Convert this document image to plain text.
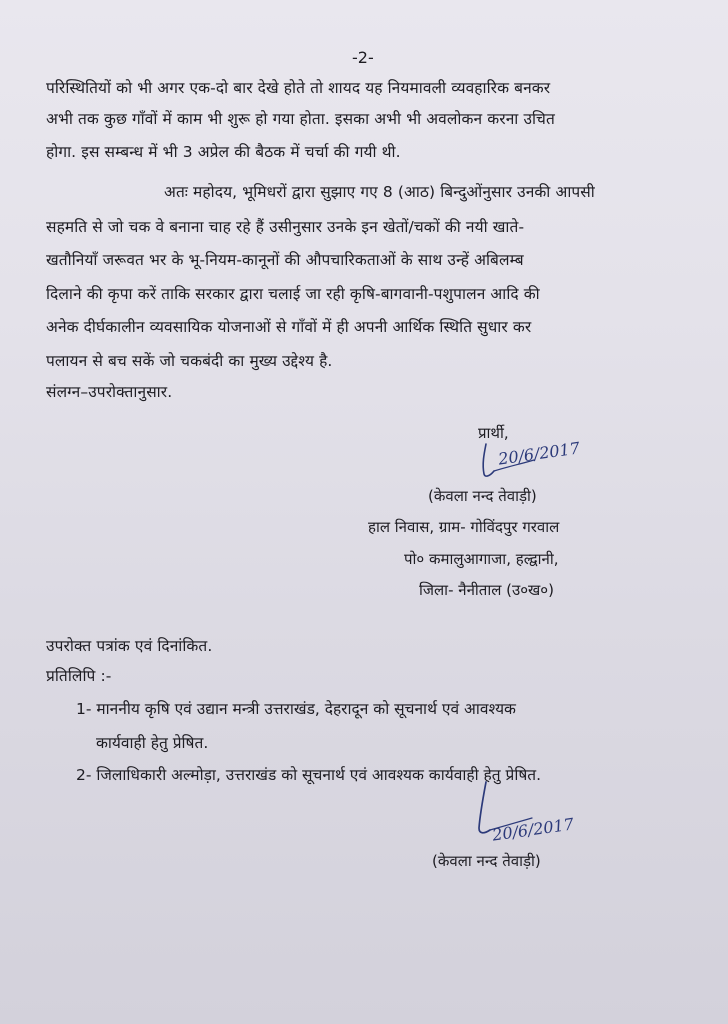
-2-
परिस्थितियों को भी अगर एक-दो बार देखे होते तो शायद यह नियमावली व्यवहारिक बनकर
अभी तक कुछ गाँवों में काम भी शुरू हो गया होता. इसका अभी भी अवलोकन करना उचित
होगा. इस सम्बन्ध में भी 3 अप्रेल की बैठक में चर्चा की गयी थी.
अतः महोदय, भूमिधरों द्वारा सुझाए गए 8 (आठ) बिन्दुओंनुसार उनकी आपसी
सहमति से जो चक वे बनाना चाह रहे हैं उसीनुसार उनके इन खेतों/चकों की नयी खाते-
खतौनियाँ जरूवत भर के भू-नियम-कानूनों की औपचारिकताओं के साथ उन्हें अबिलम्ब
दिलाने की कृपा करें ताकि सरकार द्वारा चलाई जा रही कृषि-बागवानी-पशुपालन आदि की
अनेक दीर्घकालीन व्यवसायिक योजनाओं से गाँवों में ही अपनी आर्थिक स्थिति सुधार कर
पलायन से बच सकें जो चकबंदी का मुख्य उद्देश्य है.
संलग्न–उपरोक्तानुसार.
प्रार्थी,
20/6/2017
(केवला नन्द तेवाड़ी)
हाल निवास, ग्राम- गोविंदपुर गरवाल
पो० कमालुआगाजा, हल्द्वानी,
जिला- नैनीताल (उ०ख०)
उपरोक्त पत्रांक एवं दिनांकित.
प्रतिलिपि :-
1- माननीय कृषि एवं उद्यान मन्त्री उत्तराखंड, देहरादून को सूचनार्थ एवं आवश्यक
कार्यवाही हेतु प्रेषित.
2- जिलाधिकारी अल्मोड़ा, उत्तराखंड को सूचनार्थ एवं आवश्यक कार्यवाही हेतु प्रेषित.
20/6/2017
(केवला नन्द तेवाड़ी)
